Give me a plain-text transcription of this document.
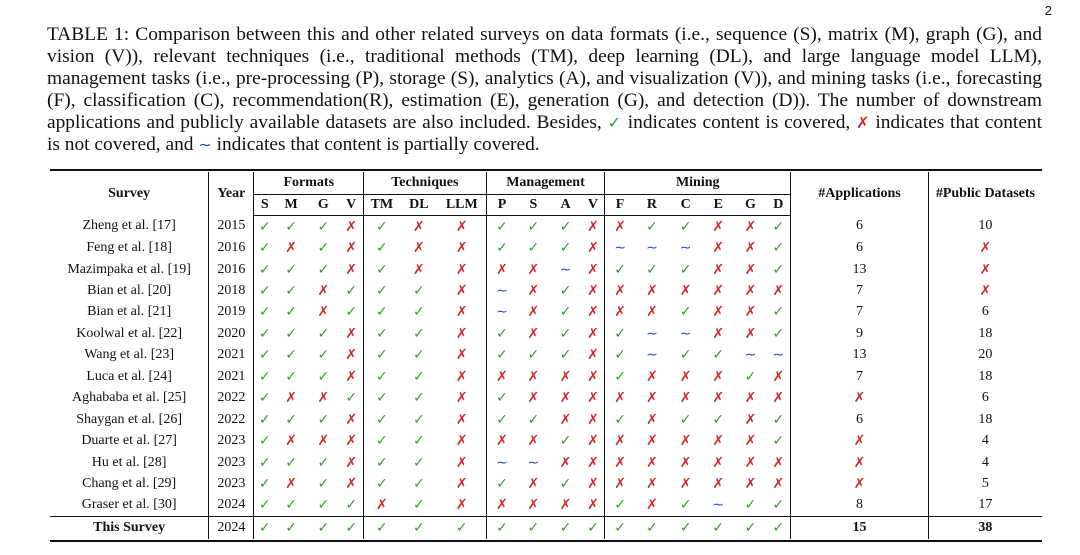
2
TABLE 1: Comparison between this and other related surveys on data formats (i.e., sequence (S), matrix (M), graph (G), and vision (V)), relevant techniques (i.e., traditional methods (TM), deep learning (DL), and large language model LLM), management tasks (i.e., pre-processing (P), storage (S), analytics (A), and visualization (V)), and mining tasks (i.e., forecasting (F), classification (C), recommendation(R), estimation (E), generation (G), and detection (D)). The number of downstream applications and publicly available datasets are also included. Besides, ✓ indicates content is covered, ✗ indicates that content is not covered, and ∼ indicates that content is partially covered.
Survey	Year	Formats				Techniques			Management				Mining						#Applications	#Public Datasets
		S	M	G	V	TM	DL	LLM	P	S	A	V	F	R	C	E	G	D		
Zheng et al. [17]	2015	✓	✓	✓	✗	✓	✗	✗	✓	✓	✓	✗	✗	✓	✓	✗	✗	✓	6	10
Feng et al. [18]	2016	✓	✗	✓	✗	✓	✗	✗	✓	✓	✓	✗	∼	∼	∼	✗	✗	✓	6	✗
Mazimpaka et al. [19]	2016	✓	✓	✓	✗	✓	✗	✗	✗	✗	∼	✗	✓	✓	✓	✗	✗	✓	13	✗
Bian et al. [20]	2018	✓	✓	✗	✓	✓	✓	✗	∼	✗	✓	✗	✗	✗	✗	✗	✗	✗	7	✗
Bian et al. [21]	2019	✓	✓	✗	✓	✓	✓	✗	∼	✗	✓	✗	✗	✗	✓	✗	✗	✓	7	6
Koolwal et al. [22]	2020	✓	✓	✓	✗	✓	✓	✗	✓	✗	✓	✗	✓	∼	∼	✗	✗	✓	9	18
Wang et al. [23]	2021	✓	✓	✓	✗	✓	✓	✗	✓	✓	✓	✗	✓	∼	✓	✓	∼	∼	13	20
Luca et al. [24]	2021	✓	✓	✓	✗	✓	✓	✗	✗	✗	✗	✗	✓	✗	✗	✗	✓	✗	7	18
Aghababa et al. [25]	2022	✓	✗	✗	✓	✓	✓	✗	✓	✗	✗	✗	✗	✗	✗	✗	✗	✗	✗	6
Shaygan et al. [26]	2022	✓	✓	✓	✗	✓	✓	✗	✓	✓	✗	✗	✓	✗	✓	✓	✗	✓	6	18
Duarte et al. [27]	2023	✓	✗	✗	✗	✓	✓	✗	✗	✗	✓	✗	✗	✗	✗	✗	✗	✓	✗	4
Hu et al. [28]	2023	✓	✓	✓	✗	✓	✓	✗	∼	∼	✗	✗	✗	✗	✗	✗	✗	✗	✗	4
Chang et al. [29]	2023	✓	✗	✓	✗	✓	✓	✗	✓	✗	✓	✗	✗	✗	✗	✗	✗	✗	✗	5
Graser et al. [30]	2024	✓	✓	✓	✓	✗	✓	✗	✗	✗	✗	✗	✓	✗	✓	∼	✓	✓	8	17
This Survey	2024	✓	✓	✓	✓	✓	✓	✓	✓	✓	✓	✓	✓	✓	✓	✓	✓	✓	15	38
